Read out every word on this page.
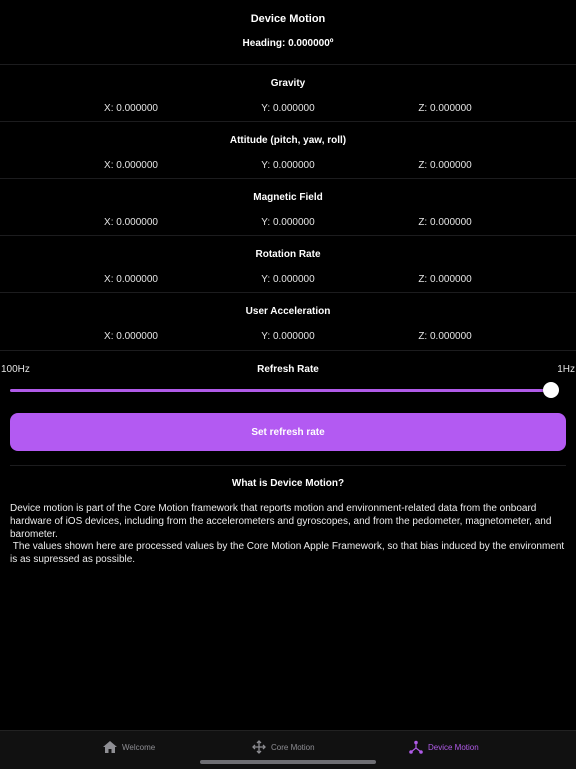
Device Motion
Heading: 0.000000º
Gravity
X: 0.000000	Y: 0.000000	Z: 0.000000
Attitude (pitch, yaw, roll)
X: 0.000000	Y: 0.000000	Z: 0.000000
Magnetic Field
X: 0.000000	Y: 0.000000	Z: 0.000000
Rotation Rate
X: 0.000000	Y: 0.000000	Z: 0.000000
User Acceleration
X: 0.000000	Y: 0.000000	Z: 0.000000
100Hz	Refresh Rate	1Hz
Set refresh rate
What is Device Motion?

Device motion is part of the Core Motion framework that reports motion and environment-related data from the onboard hardware of iOS devices, including from the accelerometers and gyroscopes, and from the pedometer, magnetometer, and barometer.

The values shown here are processed values by the Core Motion Apple Framework, so that bias induced by the environment is as supressed as possible.

Welcome	Core Motion	Device Motion
